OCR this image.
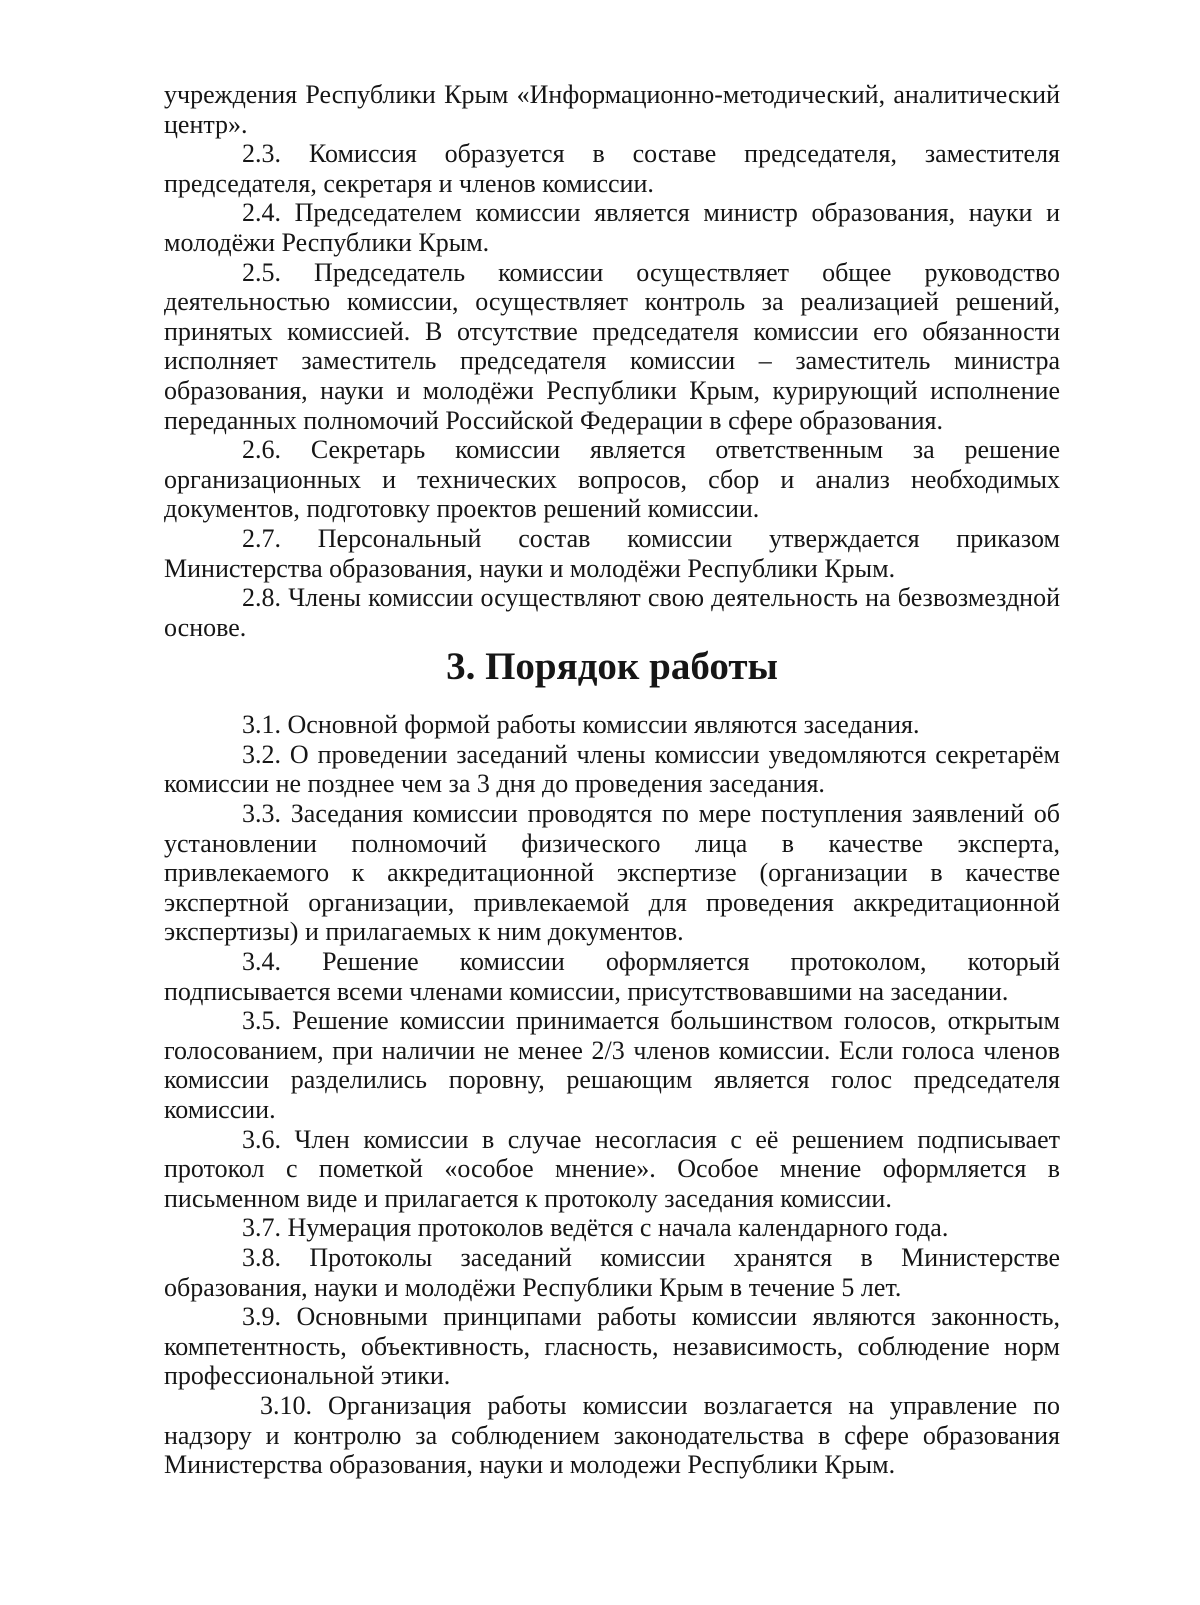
учреждения Республики Крым «Информационно-методический, аналитический центр».

2.3. Комиссия образуется в составе председателя, заместителя председателя, секретаря и членов комиссии.

2.4. Председателем комиссии является министр образования, науки и молодёжи Республики Крым.

2.5. Председатель комиссии осуществляет общее руководство деятельностью комиссии, осуществляет контроль за реализацией решений, принятых комиссией. В отсутствие председателя комиссии его обязанности исполняет заместитель председателя комиссии – заместитель министра образования, науки и молодёжи Республики Крым, курирующий исполнение переданных полномочий Российской Федерации в сфере образования.

2.6. Секретарь комиссии является ответственным за решение организационных и технических вопросов, сбор и анализ необходимых документов, подготовку проектов решений комиссии.

2.7. Персональный состав комиссии утверждается приказом Министерства образования, науки и молодёжи Республики Крым.

2.8. Члены комиссии осуществляют свою деятельность на безвозмездной основе.

3. Порядок работы

3.1. Основной формой работы комиссии являются заседания.

3.2. О проведении заседаний члены комиссии уведомляются секретарём комиссии не позднее чем за 3 дня до проведения заседания.

3.3. Заседания комиссии проводятся по мере поступления заявлений об установлении полномочий физического лица в качестве эксперта, привлекаемого к аккредитационной экспертизе (организации в качестве экспертной организации, привлекаемой для проведения аккредитационной экспертизы) и прилагаемых к ним документов.

3.4. Решение комиссии оформляется протоколом, который подписывается всеми членами комиссии, присутствовавшими на заседании.

3.5. Решение комиссии принимается большинством голосов, открытым голосованием, при наличии не менее 2/3 членов комиссии. Если голоса членов комиссии разделились поровну, решающим является голос председателя комиссии.

3.6. Член комиссии в случае несогласия с её решением подписывает протокол с пометкой «особое мнение». Особое мнение оформляется в письменном виде и прилагается к протоколу заседания комиссии.

3.7. Нумерация протоколов ведётся с начала календарного года.

3.8. Протоколы заседаний комиссии хранятся в Министерстве образования, науки и молодёжи Республики Крым в течение 5 лет.

3.9. Основными принципами работы комиссии являются законность, компетентность, объективность, гласность, независимость, соблюдение норм профессиональной этики.

3.10. Организация работы комиссии возлагается на управление по надзору и контролю за соблюдением законодательства в сфере образования Министерства образования, науки и молодежи Республики Крым.
